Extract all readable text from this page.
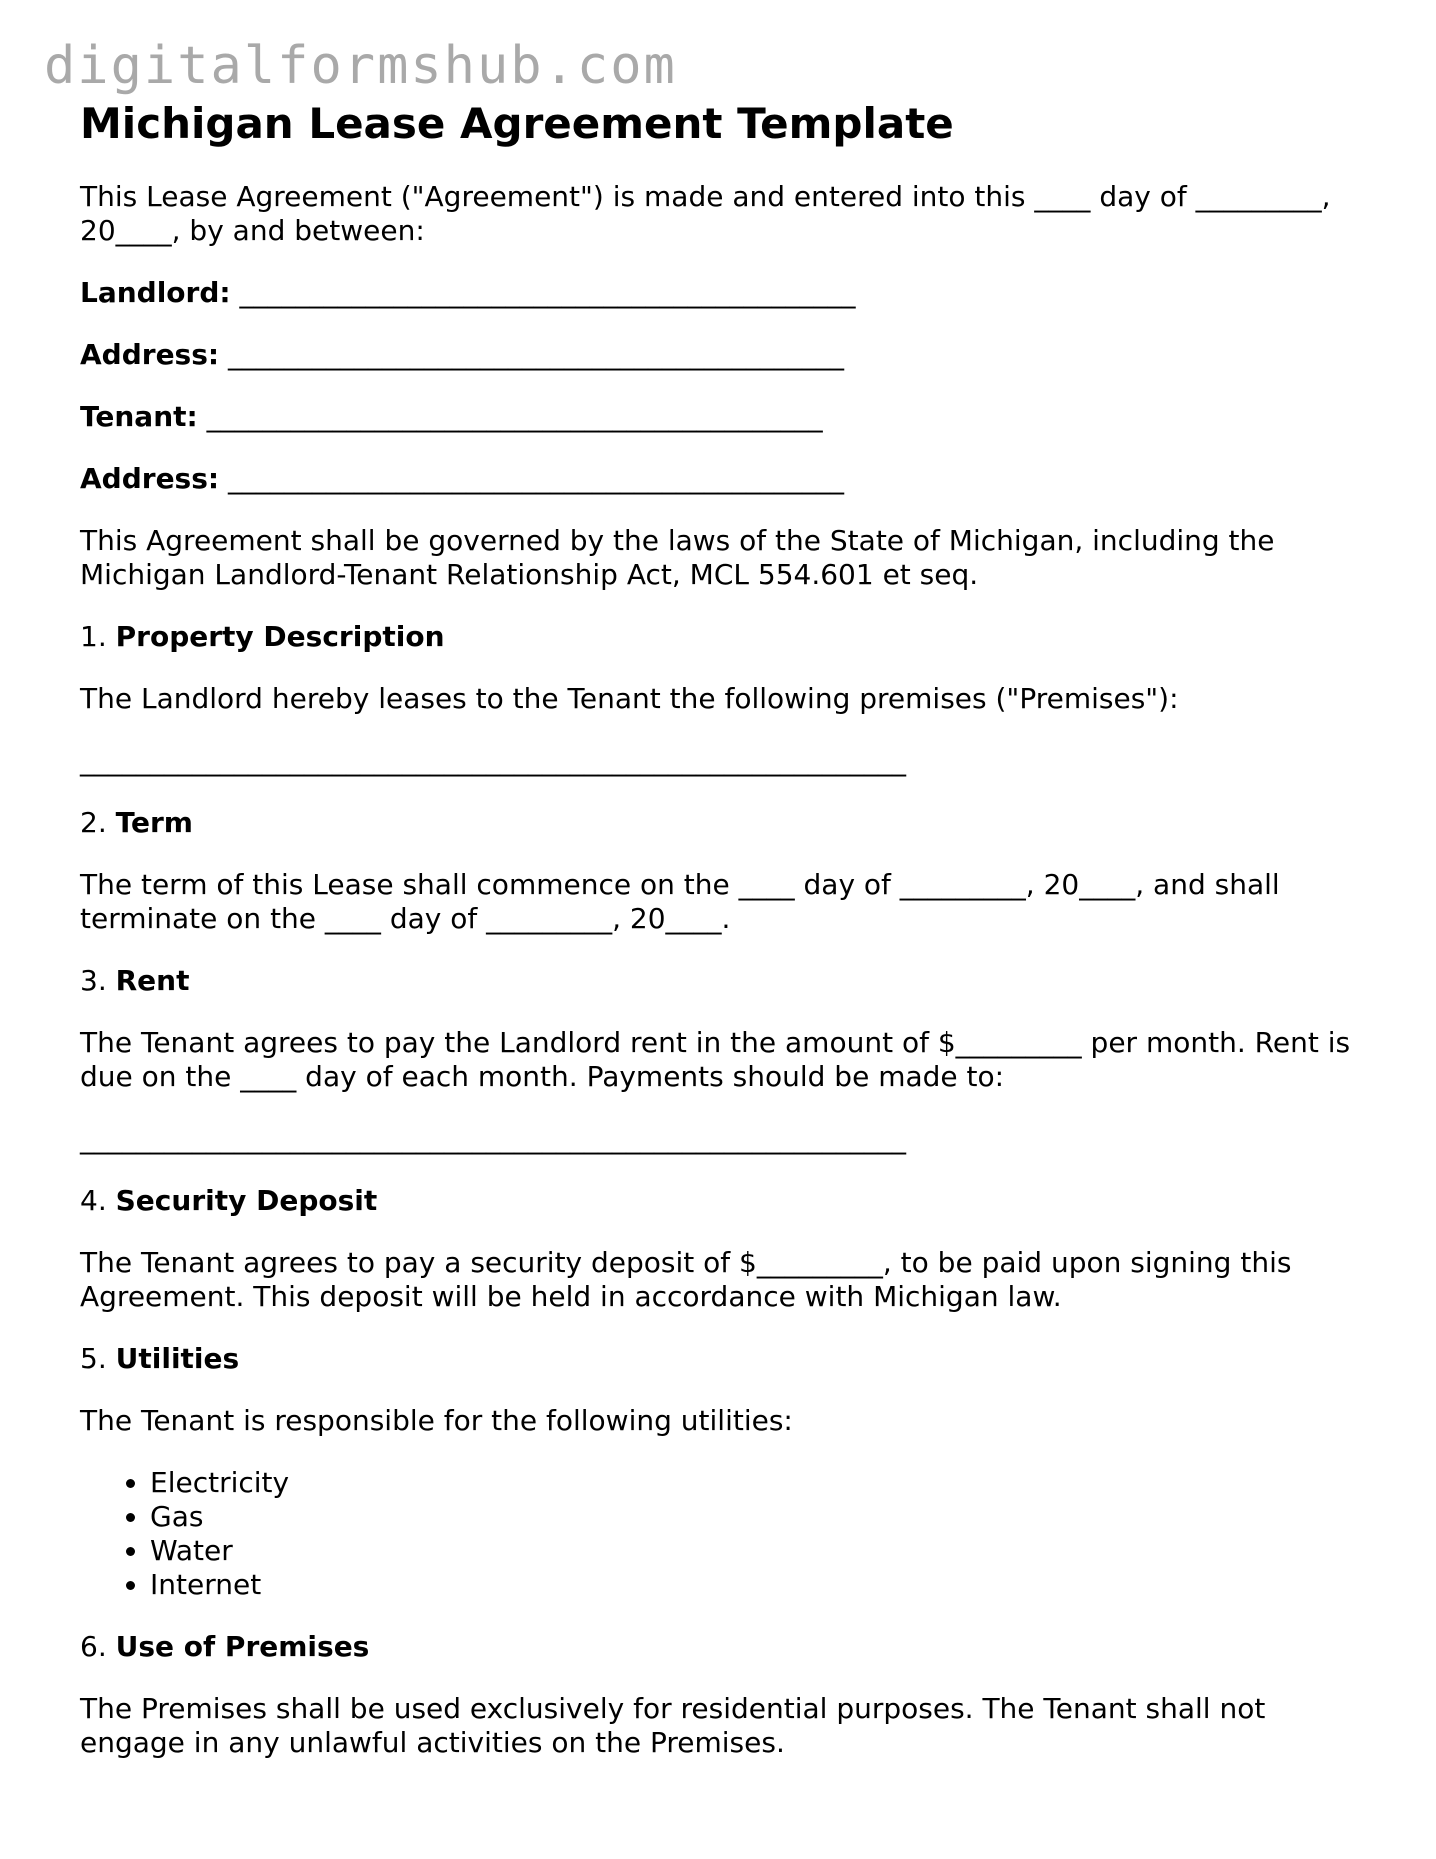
digitalformshub.com
Michigan Lease Agreement Template

This Lease Agreement ("Agreement") is made and entered into this ____ day of _________, 20____, by and between:

Landlord: ____________________________________________
Address: ____________________________________________
Tenant: ____________________________________________
Address: ____________________________________________

This Agreement shall be governed by the laws of the State of Michigan, including the Michigan Landlord-Tenant Relationship Act, MCL 554.601 et seq.

1. Property Description

The Landlord hereby leases to the Tenant the following premises ("Premises"):

___________________________________________________________
2. Term

The term of this Lease shall commence on the ____ day of _________, 20____, and shall terminate on the ____ day of _________, 20____.

3. Rent

The Tenant agrees to pay the Landlord rent in the amount of $_________ per month. Rent is due on the ____ day of each month. Payments should be made to:

___________________________________________________________
4. Security Deposit

The Tenant agrees to pay a security deposit of $_________, to be paid upon signing this Agreement. This deposit will be held in accordance with Michigan law.

5. Utilities

The Tenant is responsible for the following utilities:

• Electricity
• Gas
• Water
• Internet
6. Use of Premises

The Premises shall be used exclusively for residential purposes. The Tenant shall not engage in any unlawful activities on the Premises.
